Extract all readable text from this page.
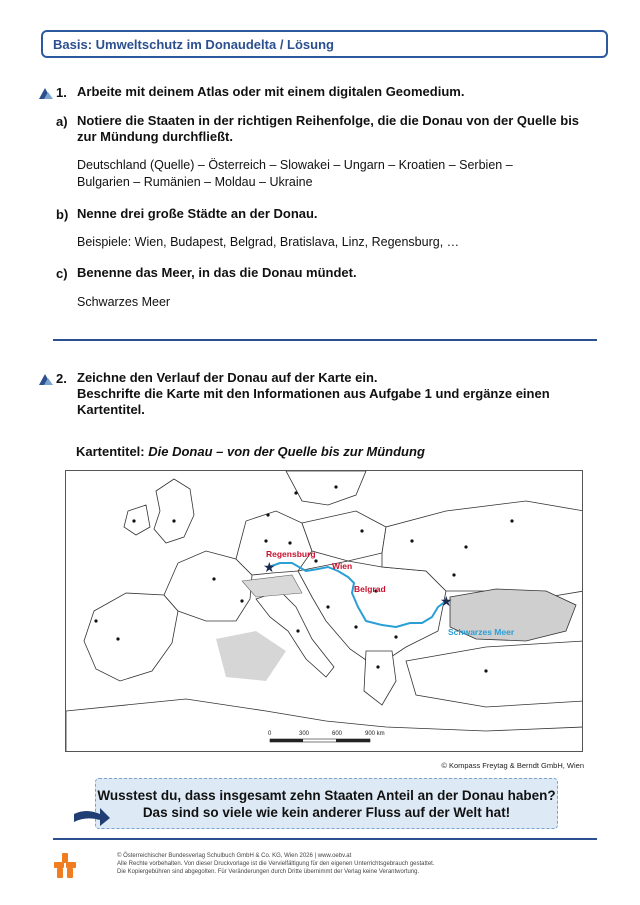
Basis: Umweltschutz im Donaudelta / Lösung
1. Arbeite mit deinem Atlas oder mit einem digitalen Geomedium.
a) Notiere die Staaten in der richtigen Reihenfolge, die die Donau von der Quelle bis
zur Mündung durchfließt.
Deutschland (Quelle) – Österreich – Slowakei – Ungarn – Kroatien – Serbien –
Bulgarien – Rumänien – Moldau – Ukraine
b) Nenne drei große Städte an der Donau.
Beispiele: Wien, Budapest, Belgrad, Bratislava, Linz, Regensburg, …
c) Benenne das Meer, in das die Donau mündet.
Schwarzes Meer
2. Zeichne den Verlauf der Donau auf der Karte ein.
Beschrifte die Karte mit den Informationen aus Aufgabe 1 und ergänze einen
Kartentitel.
Kartentitel: Die Donau – von der Quelle bis zur Mündung
★
★
Regensburg
Wien
Belgrad
Schwarzes Meer
0	300	600	900 km
© Kompass Freytag & Berndt GmbH, Wien
Wusstest du, dass insgesamt zehn Staaten Anteil an der Donau haben?
Das sind so viele wie kein anderer Fluss auf der Welt hat!
© Österreichischer Bundesverlag Schulbuch GmbH & Co. KG, Wien 2026 | www.oebv.at
Alle Rechte vorbehalten. Von dieser Druckvorlage ist die Vervielfältigung für den eigenen Unterrichtsgebrauch gestattet.
Die Kopiergebühren sind abgegolten. Für Veränderungen durch Dritte übernimmt der Verlag keine Verantwortung.
